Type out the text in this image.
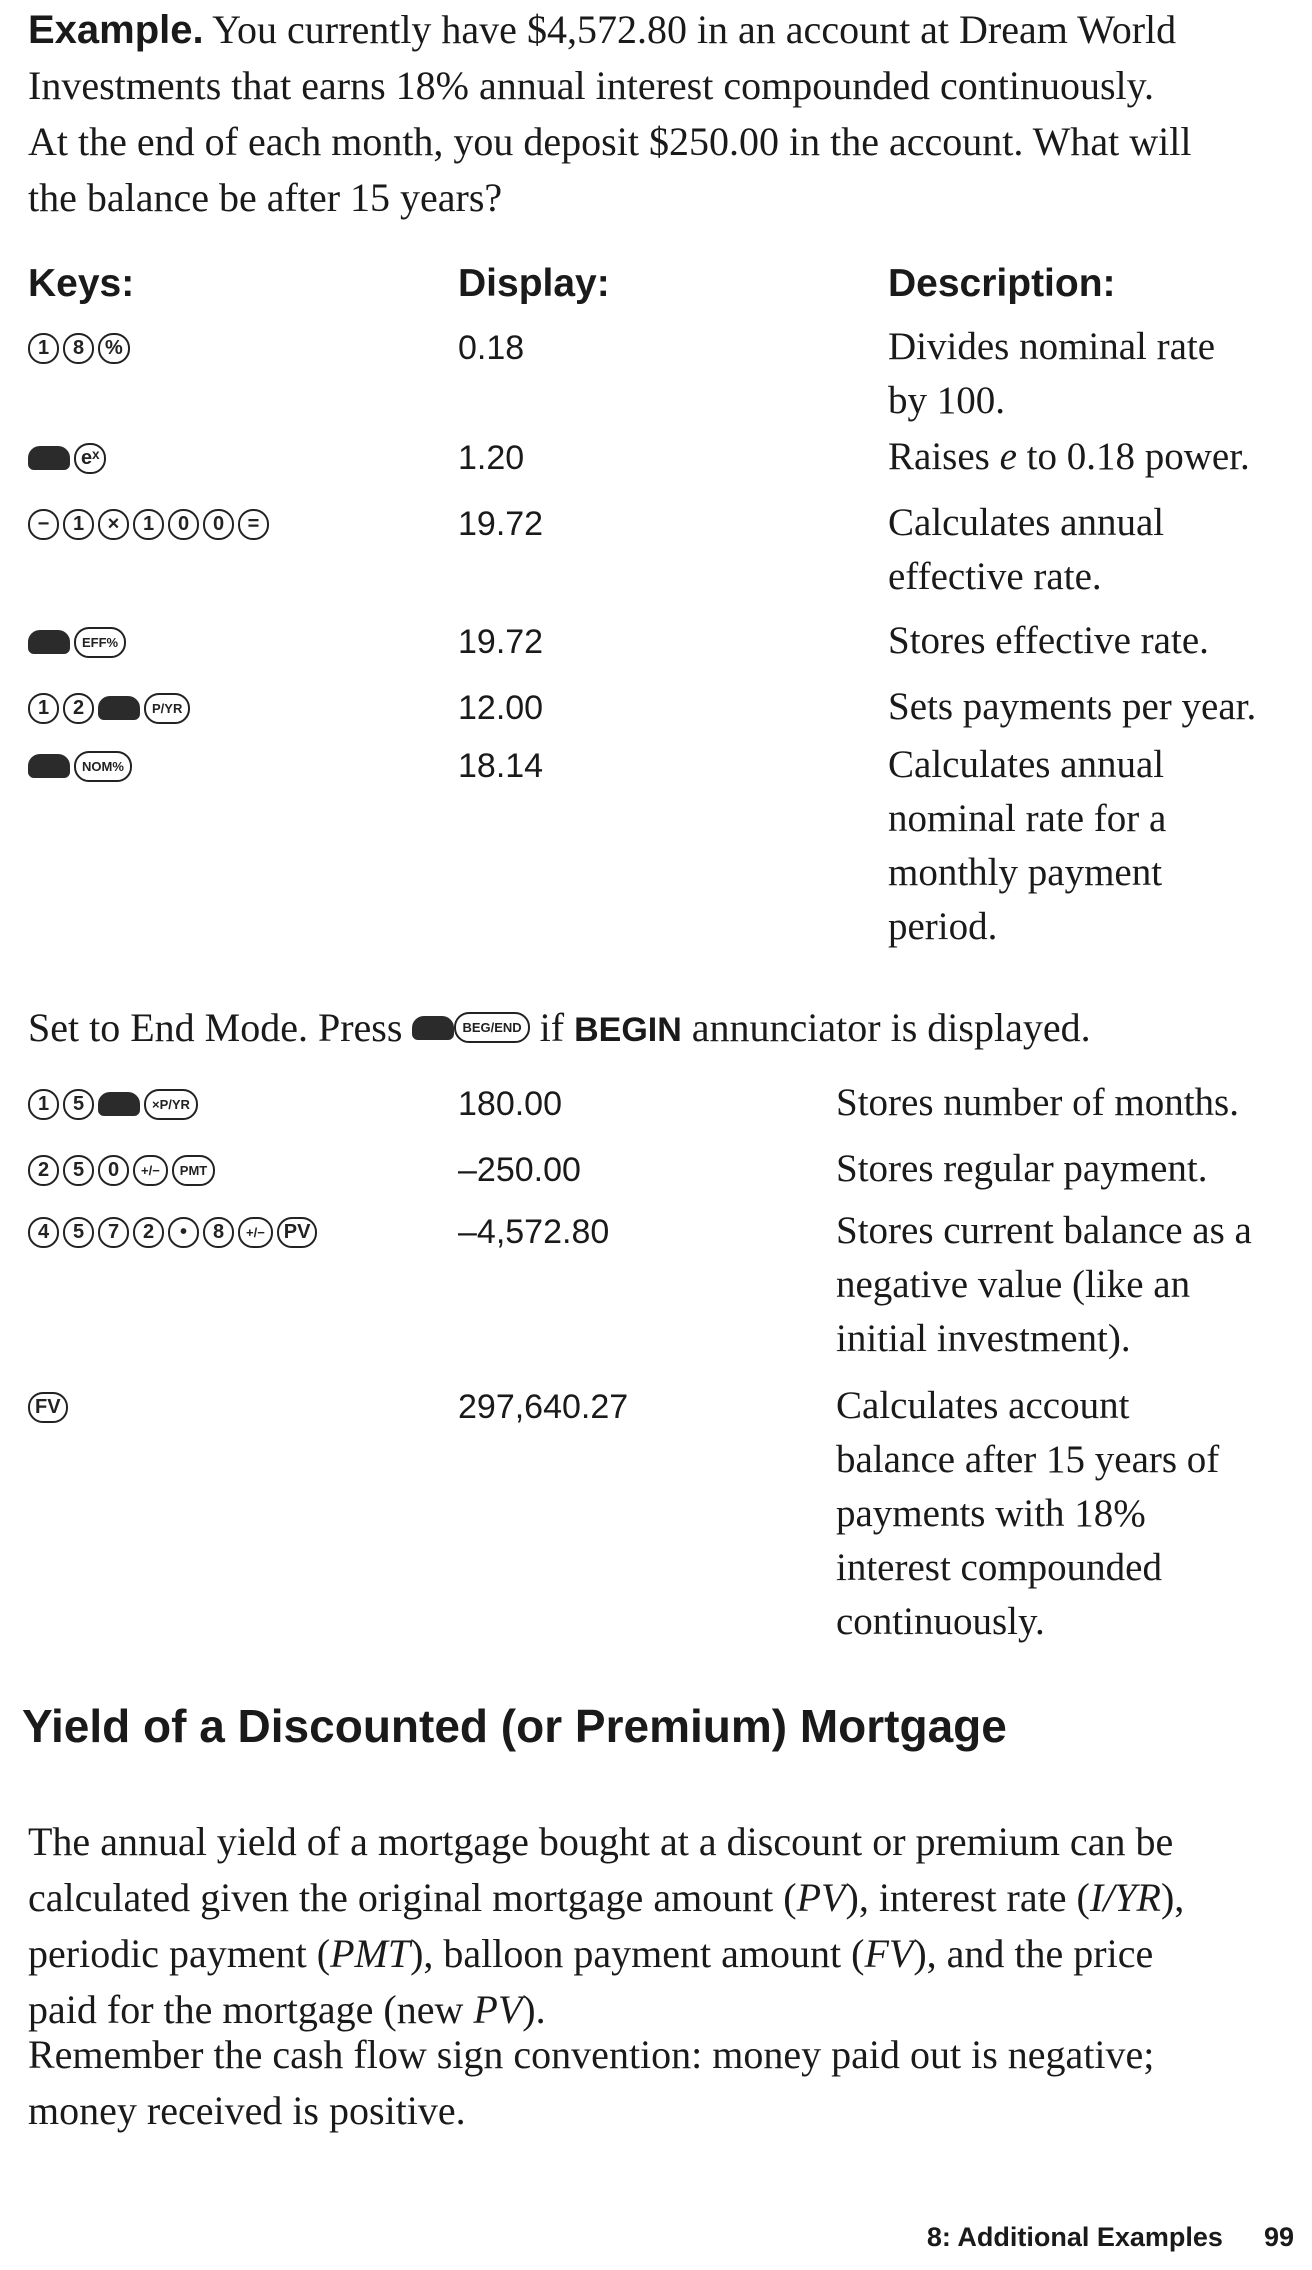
Example. You currently have $4,572.80 in an account at Dream World
Investments that earns 18% annual interest compounded continuously.
At the end of each month, you deposit $250.00 in the account. What will
the balance be after 15 years?
Keys:	Display:	Description:
1	8	%	0.18	Divides nominal rate
by 100.
eˣ	1.20	Raises e to 0.18 power.
−	1	×	1	0	0	=	19.72	Calculates annual
effective rate.
EFF%	19.72	Stores effective rate.
1	2	P/YR	12.00	Sets payments per year.
NOM%	18.14	Calculates annual
nominal rate for a
monthly payment
period.
Set to End Mode. Press	BEG/END if BEGIN annunciator is displayed.
1	5	×P/YR	180.00	Stores number of months.
2	5	0	+/−	PMT	–250.00	Stores regular payment.
4	5	7	2	•	8	+/− PV	–4,572.80	Stores current balance as a
negative value (like an
initial investment).
FV	297,640.27	Calculates account
balance after 15 years of
payments with 18%
interest compounded
continuously.
Yield of a Discounted (or Premium) Mortgage
The annual yield of a mortgage bought at a discount or premium can be
calculated given the original mortgage amount (PV), interest rate (I/YR),
periodic payment (PMT), balloon payment amount (FV), and the price
paid for the mortgage (new PV).
Remember the cash flow sign convention: money paid out is negative;
money received is positive.
8: Additional Examples 99
